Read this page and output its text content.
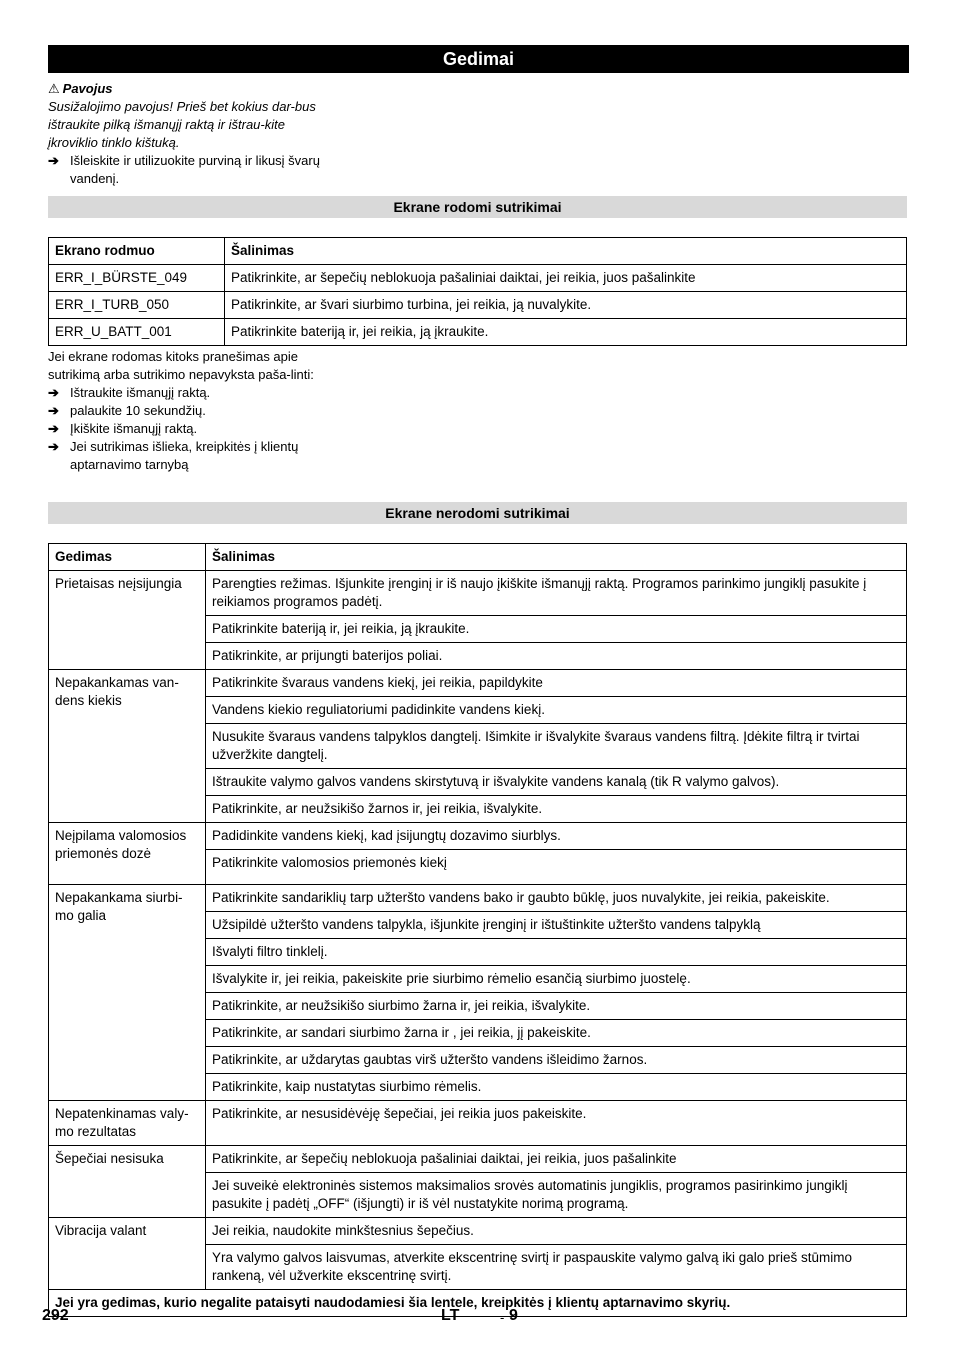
Gedimai
⚠ Pavojus
Susižalojimo pavojus! Prieš bet kokius dar-bus ištraukite pilką išmanųjį raktą ir ištrau-kite įkroviklio tinklo kištuką.
➔ Išleiskite ir utilizuokite purviną ir likusį švarų vandenį.
Ekrane rodomi sutrikimai
Ekrano rodmuo	Šalinimas
ERR_I_BÜRSTE_049	Patikrinkite, ar šepečių neblokuoja pašaliniai daiktai, jei reikia, juos pašalinkite
ERR_I_TURB_050	Patikrinkite, ar švari siurbimo turbina, jei reikia, ją nuvalykite.
ERR_U_BATT_001	Patikrinkite bateriją ir, jei reikia, ją įkraukite.
Jei ekrane rodomas kitoks pranešimas apie sutrikimą arba sutrikimo nepavyksta paša-linti:
➔ Ištraukite išmanųjį raktą.
➔ palaukite 10 sekundžių.
➔ Įkiškite išmanųjį raktą.
➔ Jei sutrikimas išlieka, kreipkitės į klientų aptarnavimo tarnybą
Ekrane nerodomi sutrikimai
Gedimas	Šalinimas
Prietaisas neįsijungia	Parengties režimas. Išjunkite įrenginį ir iš naujo įkiškite išmanųjį raktą. Programos parinkimo jungiklį pasukite į reikiamos programos padėtį.
	Patikrinkite bateriją ir, jei reikia, ją įkraukite.
	Patikrinkite, ar prijungti baterijos poliai.
Nepakankamas van-dens kiekis	Patikrinkite švaraus vandens kiekį, jei reikia, papildykite
	Vandens kiekio reguliatoriumi padidinkite vandens kiekį.
	Nusukite švaraus vandens talpyklos dangtelį. Išimkite ir išvalykite švaraus vandens filtrą. Įdėkite filtrą ir tvirtai užveržkite dangtelį.
	Ištraukite valymo galvos vandens skirstytuvą ir išvalykite vandens kanalą (tik R valymo galvos).
	Patikrinkite, ar neužsikišo žarnos ir, jei reikia, išvalykite.
Neįpilama valomosios priemonės dozė	Padidinkite vandens kiekį, kad įsijungtų dozavimo siurblys.
	Patikrinkite valomosios priemonės kiekį
Nepakankama siurbi-mo galia	Patikrinkite sandariklių tarp užteršto vandens bako ir gaubto būklę, juos nuvalykite, jei reikia, pakeiskite.
	Užsipildė užteršto vandens talpykla, išjunkite įrenginį ir ištuštinkite užteršto vandens talpyklą
	Išvalyti filtro tinklelį.
	Išvalykite ir, jei reikia, pakeiskite prie siurbimo rėmelio esančią siurbimo juostelę.
	Patikrinkite, ar neužsikišo siurbimo žarna ir, jei reikia, išvalykite.
	Patikrinkite, ar sandari siurbimo žarna ir , jei reikia, jį pakeiskite.
	Patikrinkite, ar uždarytas gaubtas virš užteršto vandens išleidimo žarnos.
	Patikrinkite, kaip nustatytas siurbimo rėmelis.
Nepatenkinamas valy-mo rezultatas	Patikrinkite, ar nesusidėvėję šepečiai, jei reikia juos pakeiskite.
Šepečiai nesisuka	Patikrinkite, ar šepečių neblokuoja pašaliniai daiktai, jei reikia, juos pašalinkite
	Jei suveikė elektroninės sistemos maksimalios srovės automatinis jungiklis, programos pasirinkimo jungiklį pasukite į padėtį „OFF“ (išjungti) ir iš vėl nustatykite norimą programą.
Vibracija valant	Jei reikia, naudokite minkštesnius šepečius.
	Yra valymo galvos laisvumas, atverkite ekscentrinę svirtį ir paspauskite valymo galvą iki galo prieš stūmimo rankeną, vėl užverkite ekscentrinę svirtį.
Jei yra gedimas, kurio negalite pataisyti naudodamiesi šia lentele, kreipkitės į klientų aptarnavimo skyrių.	
292	LT	- 9
